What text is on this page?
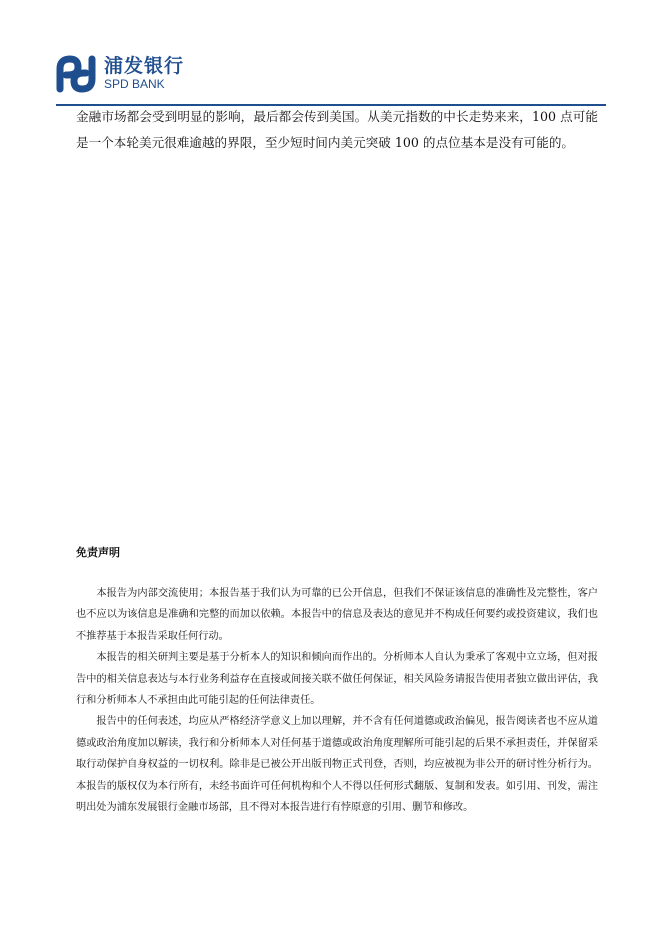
浦发银行
SPD BANK

金融市场都会受到明显的影响，最后都会传到美国。从美元指数的中长走势来来，100 点可能是一个本轮美元很难逾越的界限，至少短时间内美元突破 100 的点位基本是没有可能的。

免责声明

本报告为内部交流使用；本报告基于我们认为可靠的已公开信息，但我们不保证该信息的准确性及完整性，客户也不应以为该信息是准确和完整的而加以依赖。本报告中的信息及表达的意见并不构成任何要约或投资建议，我们也不推荐基于本报告采取任何行动。

本报告的相关研判主要是基于分析本人的知识和倾向而作出的。分析师本人自认为秉承了客观中立立场，但对报告中的相关信息表达与本行业务利益存在直接或间接关联不做任何保证，相关风险务请报告使用者独立做出评估，我行和分析师本人不承担由此可能引起的任何法律责任。

报告中的任何表述，均应从严格经济学意义上加以理解，并不含有任何道德或政治偏见，报告阅读者也不应从道德或政治角度加以解读，我行和分析师本人对任何基于道德或政治角度理解所可能引起的后果不承担责任，并保留采取行动保护自身权益的一切权利。除非是已被公开出版刊物正式刊登，否则，均应被视为非公开的研讨性分析行为。本报告的版权仅为本行所有，未经书面许可任何机构和个人不得以任何形式翻版、复制和发表。如引用、刊发，需注明出处为浦东发展银行金融市场部，且不得对本报告进行有悖原意的引用、删节和修改。
